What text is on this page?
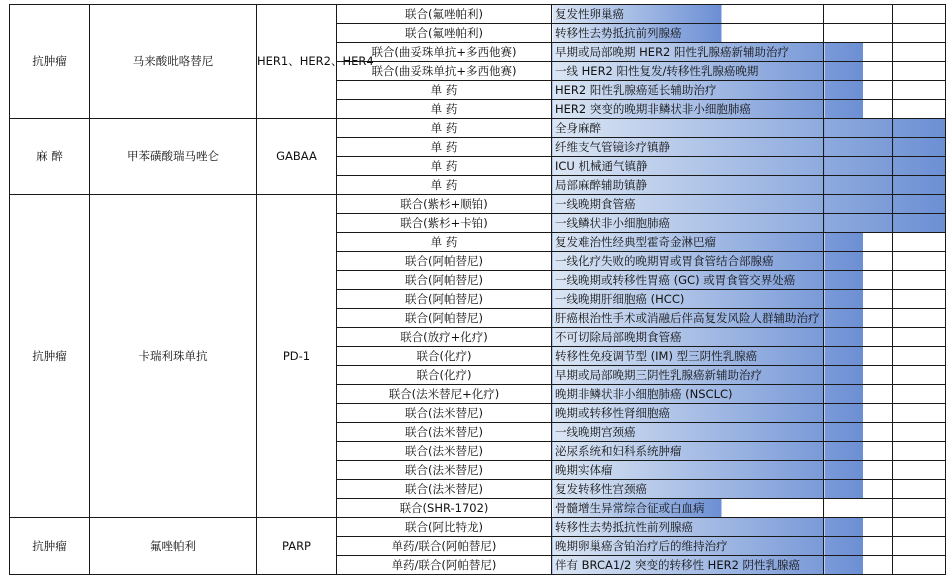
抗肿瘤	马来酸吡咯替尼	HER1、HER2、HER4	联合(氟唑帕利)	复发性卵巢癌		
			联合(氟唑帕利)	转移性去势抵抗前列腺癌		
			联合(曲妥珠单抗+多西他赛)	早期或局部晚期 HER2 阳性乳腺癌新辅助治疗		
			联合(曲妥珠单抗+多西他赛)	一线 HER2 阳性复发/转移性乳腺癌晚期		
			单 药	HER2 阳性乳腺癌延长辅助治疗		
			单 药	HER2 突变的晚期非鳞状非小细胞肺癌		
麻 醉	甲苯磺酸瑞马唑仑	GABAA	单 药	全身麻醉		
			单 药	纤维支气管镜诊疗镇静		
			单 药	ICU 机械通气镇静		
			单 药	局部麻醉辅助镇静		
抗肿瘤	卡瑞利珠单抗	PD-1	联合(紫杉+顺铂)	一线晚期食管癌		
			联合(紫杉+卡铂)	一线鳞状非小细胞肺癌		
			单 药	复发难治性经典型霍奇金淋巴瘤		
			联合(阿帕替尼)	一线化疗失败的晚期胃或胃食管结合部腺癌		
			联合(阿帕替尼)	一线晚期或转移性胃癌 (GC) 或胃食管交界处癌		
			联合(阿帕替尼)	一线晚期肝细胞癌 (HCC)		
			联合(阿帕替尼)	肝癌根治性手术或消融后伴高复发风险人群辅助治疗		
			联合(放疗+化疗)	不可切除局部晚期食管癌		
			联合(化疗)	转移性免疫调节型 (IM) 型三阴性乳腺癌		
			联合(化疗)	早期或局部晚期三阴性乳腺癌新辅助治疗		
			联合(法米替尼+化疗)	晚期非鳞状非小细胞肺癌 (NSCLC)		
			联合(法米替尼)	晚期或转移性肾细胞癌		
			联合(法米替尼)	一线晚期宫颈癌		
			联合(法米替尼)	泌尿系统和妇科系统肿瘤		
			联合(法米替尼)	晚期实体瘤		
			联合(法米替尼)	复发转移性宫颈癌		
			联合(SHR-1702)	骨髓增生异常综合征或白血病		
抗肿瘤	氟唑帕利	PARP	联合(阿比特龙)	转移性去势抵抗性前列腺癌		
			单药/联合(阿帕替尼)	晚期卵巢癌含铂治疗后的维持治疗		
			单药/联合(阿帕替尼)	伴有 BRCA1/2 突变的转移性 HER2 阴性乳腺癌		
